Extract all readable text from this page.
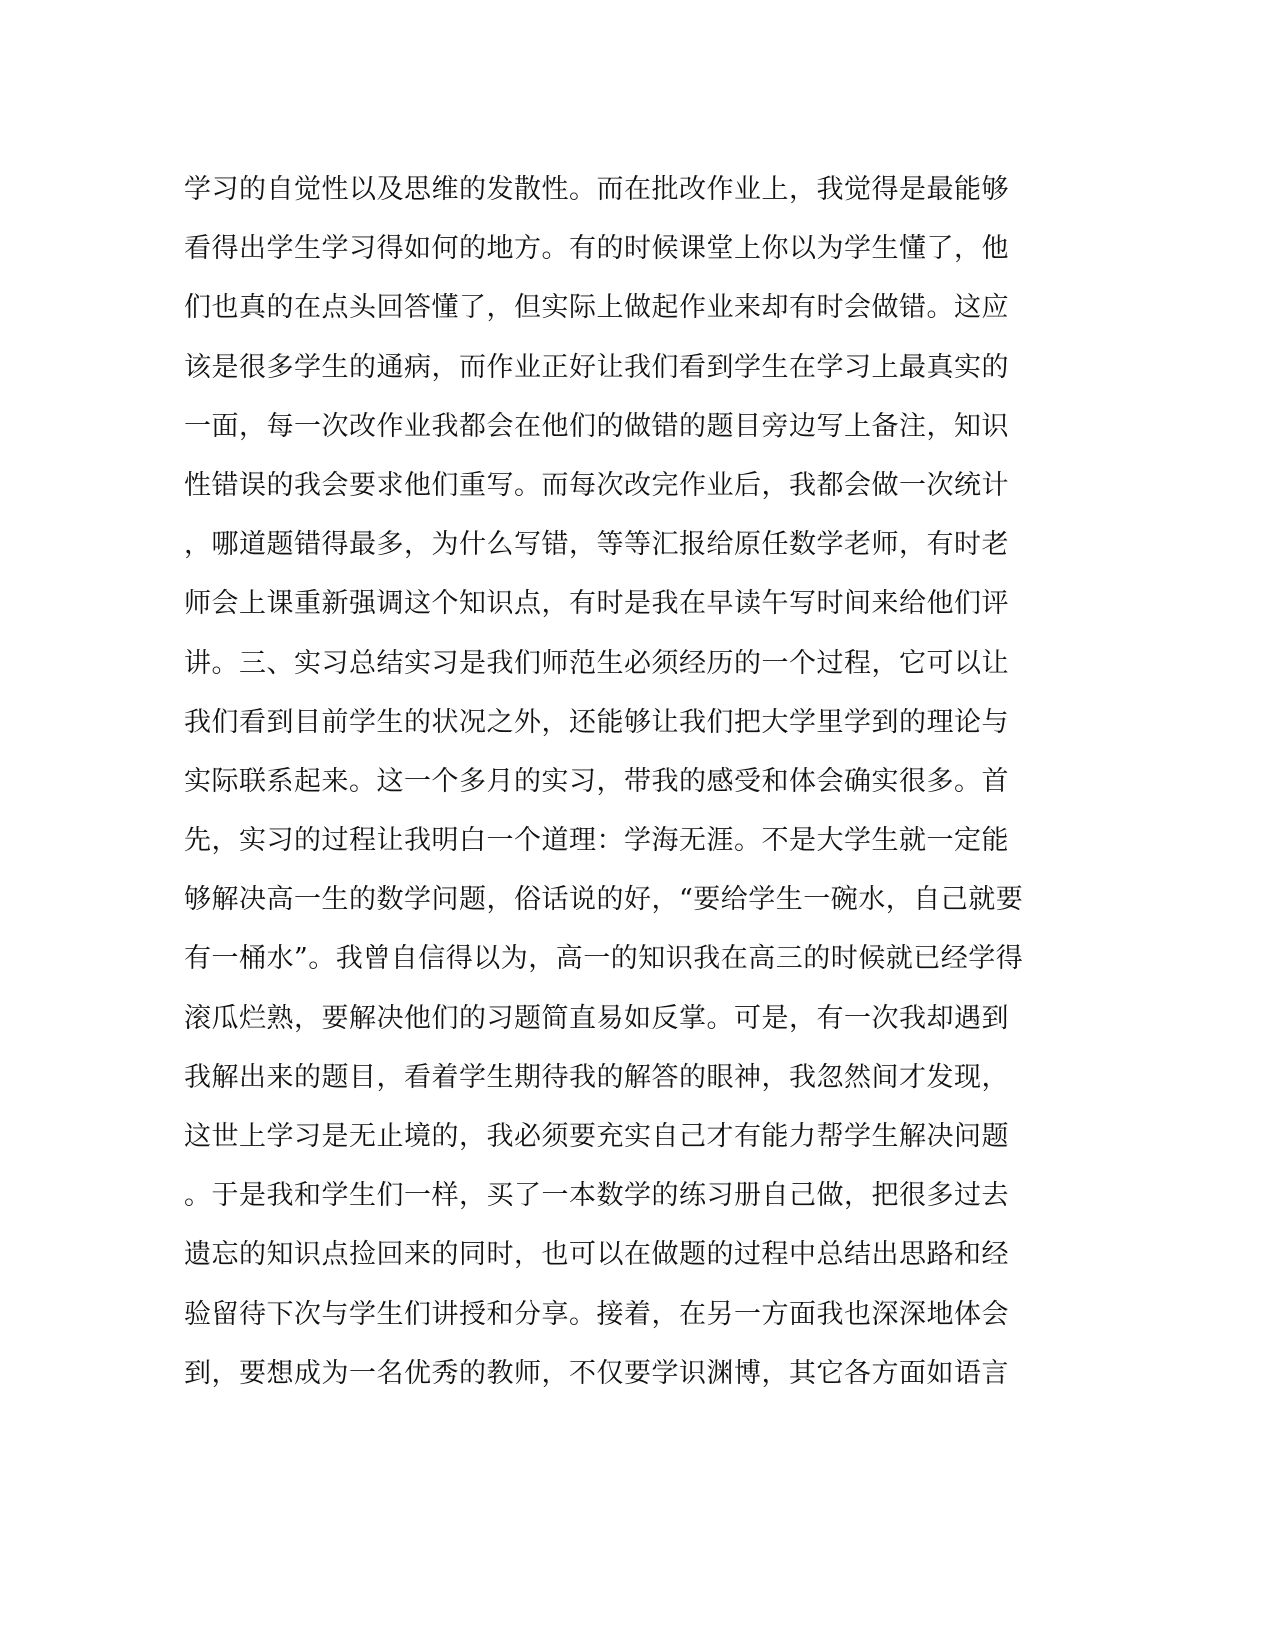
学习的自觉性以及思维的发散性。而在批改作业上，我觉得是最能够
看得出学生学习得如何的地方。有的时候课堂上你以为学生懂了，他
们也真的在点头回答懂了，但实际上做起作业来却有时会做错。这应
该是很多学生的通病，而作业正好让我们看到学生在学习上最真实的
一面，每一次改作业我都会在他们的做错的题目旁边写上备注，知识
性错误的我会要求他们重写。而每次改完作业后，我都会做一次统计
，哪道题错得最多，为什么写错，等等汇报给原任数学老师，有时老
师会上课重新强调这个知识点，有时是我在早读午写时间来给他们评
讲。三、实习总结实习是我们师范生必须经历的一个过程，它可以让
我们看到目前学生的状况之外，还能够让我们把大学里学到的理论与
实际联系起来。这一个多月的实习，带我的感受和体会确实很多。首
先，实习的过程让我明白一个道理：学海无涯。不是大学生就一定能
够解决高一生的数学问题，俗话说的好，“要给学生一碗水，自己就要
有一桶水”。我曾自信得以为，高一的知识我在高三的时候就已经学得
滚瓜烂熟，要解决他们的习题简直易如反掌。可是，有一次我却遇到
我解出来的题目，看着学生期待我的解答的眼神，我忽然间才发现，
这世上学习是无止境的，我必须要充实自己才有能力帮学生解决问题
。于是我和学生们一样，买了一本数学的练习册自己做，把很多过去
遗忘的知识点捡回来的同时，也可以在做题的过程中总结出思路和经
验留待下次与学生们讲授和分享。接着，在另一方面我也深深地体会
到，要想成为一名优秀的教师，不仅要学识渊博，其它各方面如语言
